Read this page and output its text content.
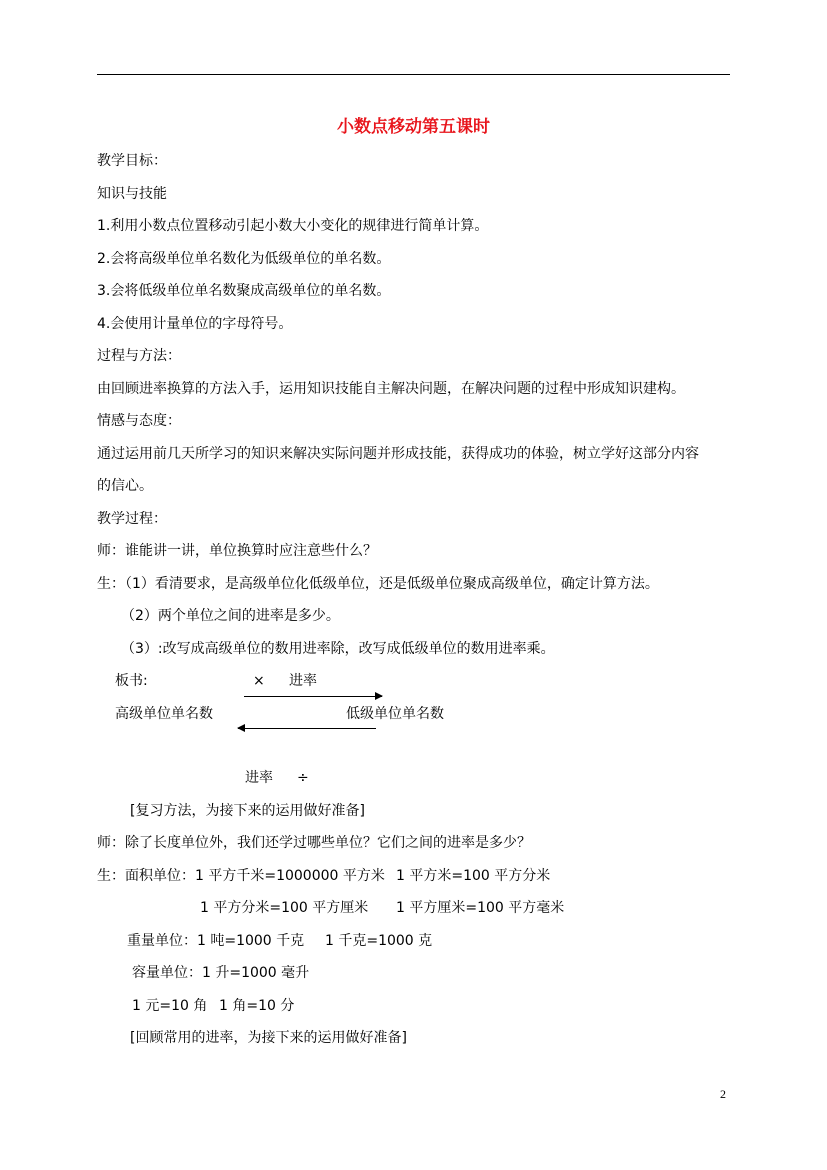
小数点移动第五课时
教学目标：
知识与技能
1.利用小数点位置移动引起小数大小变化的规律进行简单计算。
2.会将高级单位单名数化为低级单位的单名数。
3.会将低级单位单名数聚成高级单位的单名数。
4.会使用计量单位的字母符号。
过程与方法：
由回顾进率换算的方法入手，运用知识技能自主解决问题，在解决问题的过程中形成知识建构。
情感与态度：
通过运用前几天所学习的知识来解决实际问题并形成技能，获得成功的体验，树立学好这部分内容
的信心。
教学过程：
师：谁能讲一讲，单位换算时应注意些什么？
生：（1）看清要求，是高级单位化低级单位，还是低级单位聚成高级单位，确定计算方法。
（2）两个单位之间的进率是多少。
（3）:改写成高级单位的数用进率除，改写成低级单位的数用进率乘。
板书:	× 进率
高级单位单名数	低级单位单名数
进率 ÷
[复习方法，为接下来的运用做好准备]
师：除了长度单位外，我们还学过哪些单位？它们之间的进率是多少？
生：面积单位：1 平方千米=1000000 平方米 1 平方米=100 平方分米
1 平方分米=100 平方厘米 1 平方厘米=100 平方毫米
重量单位：1 吨=1000 千克 1 千克=1000 克
容量单位：1 升=1000 毫升
1 元=10 角 1 角=10 分
[回顾常用的进率，为接下来的运用做好准备]
2
